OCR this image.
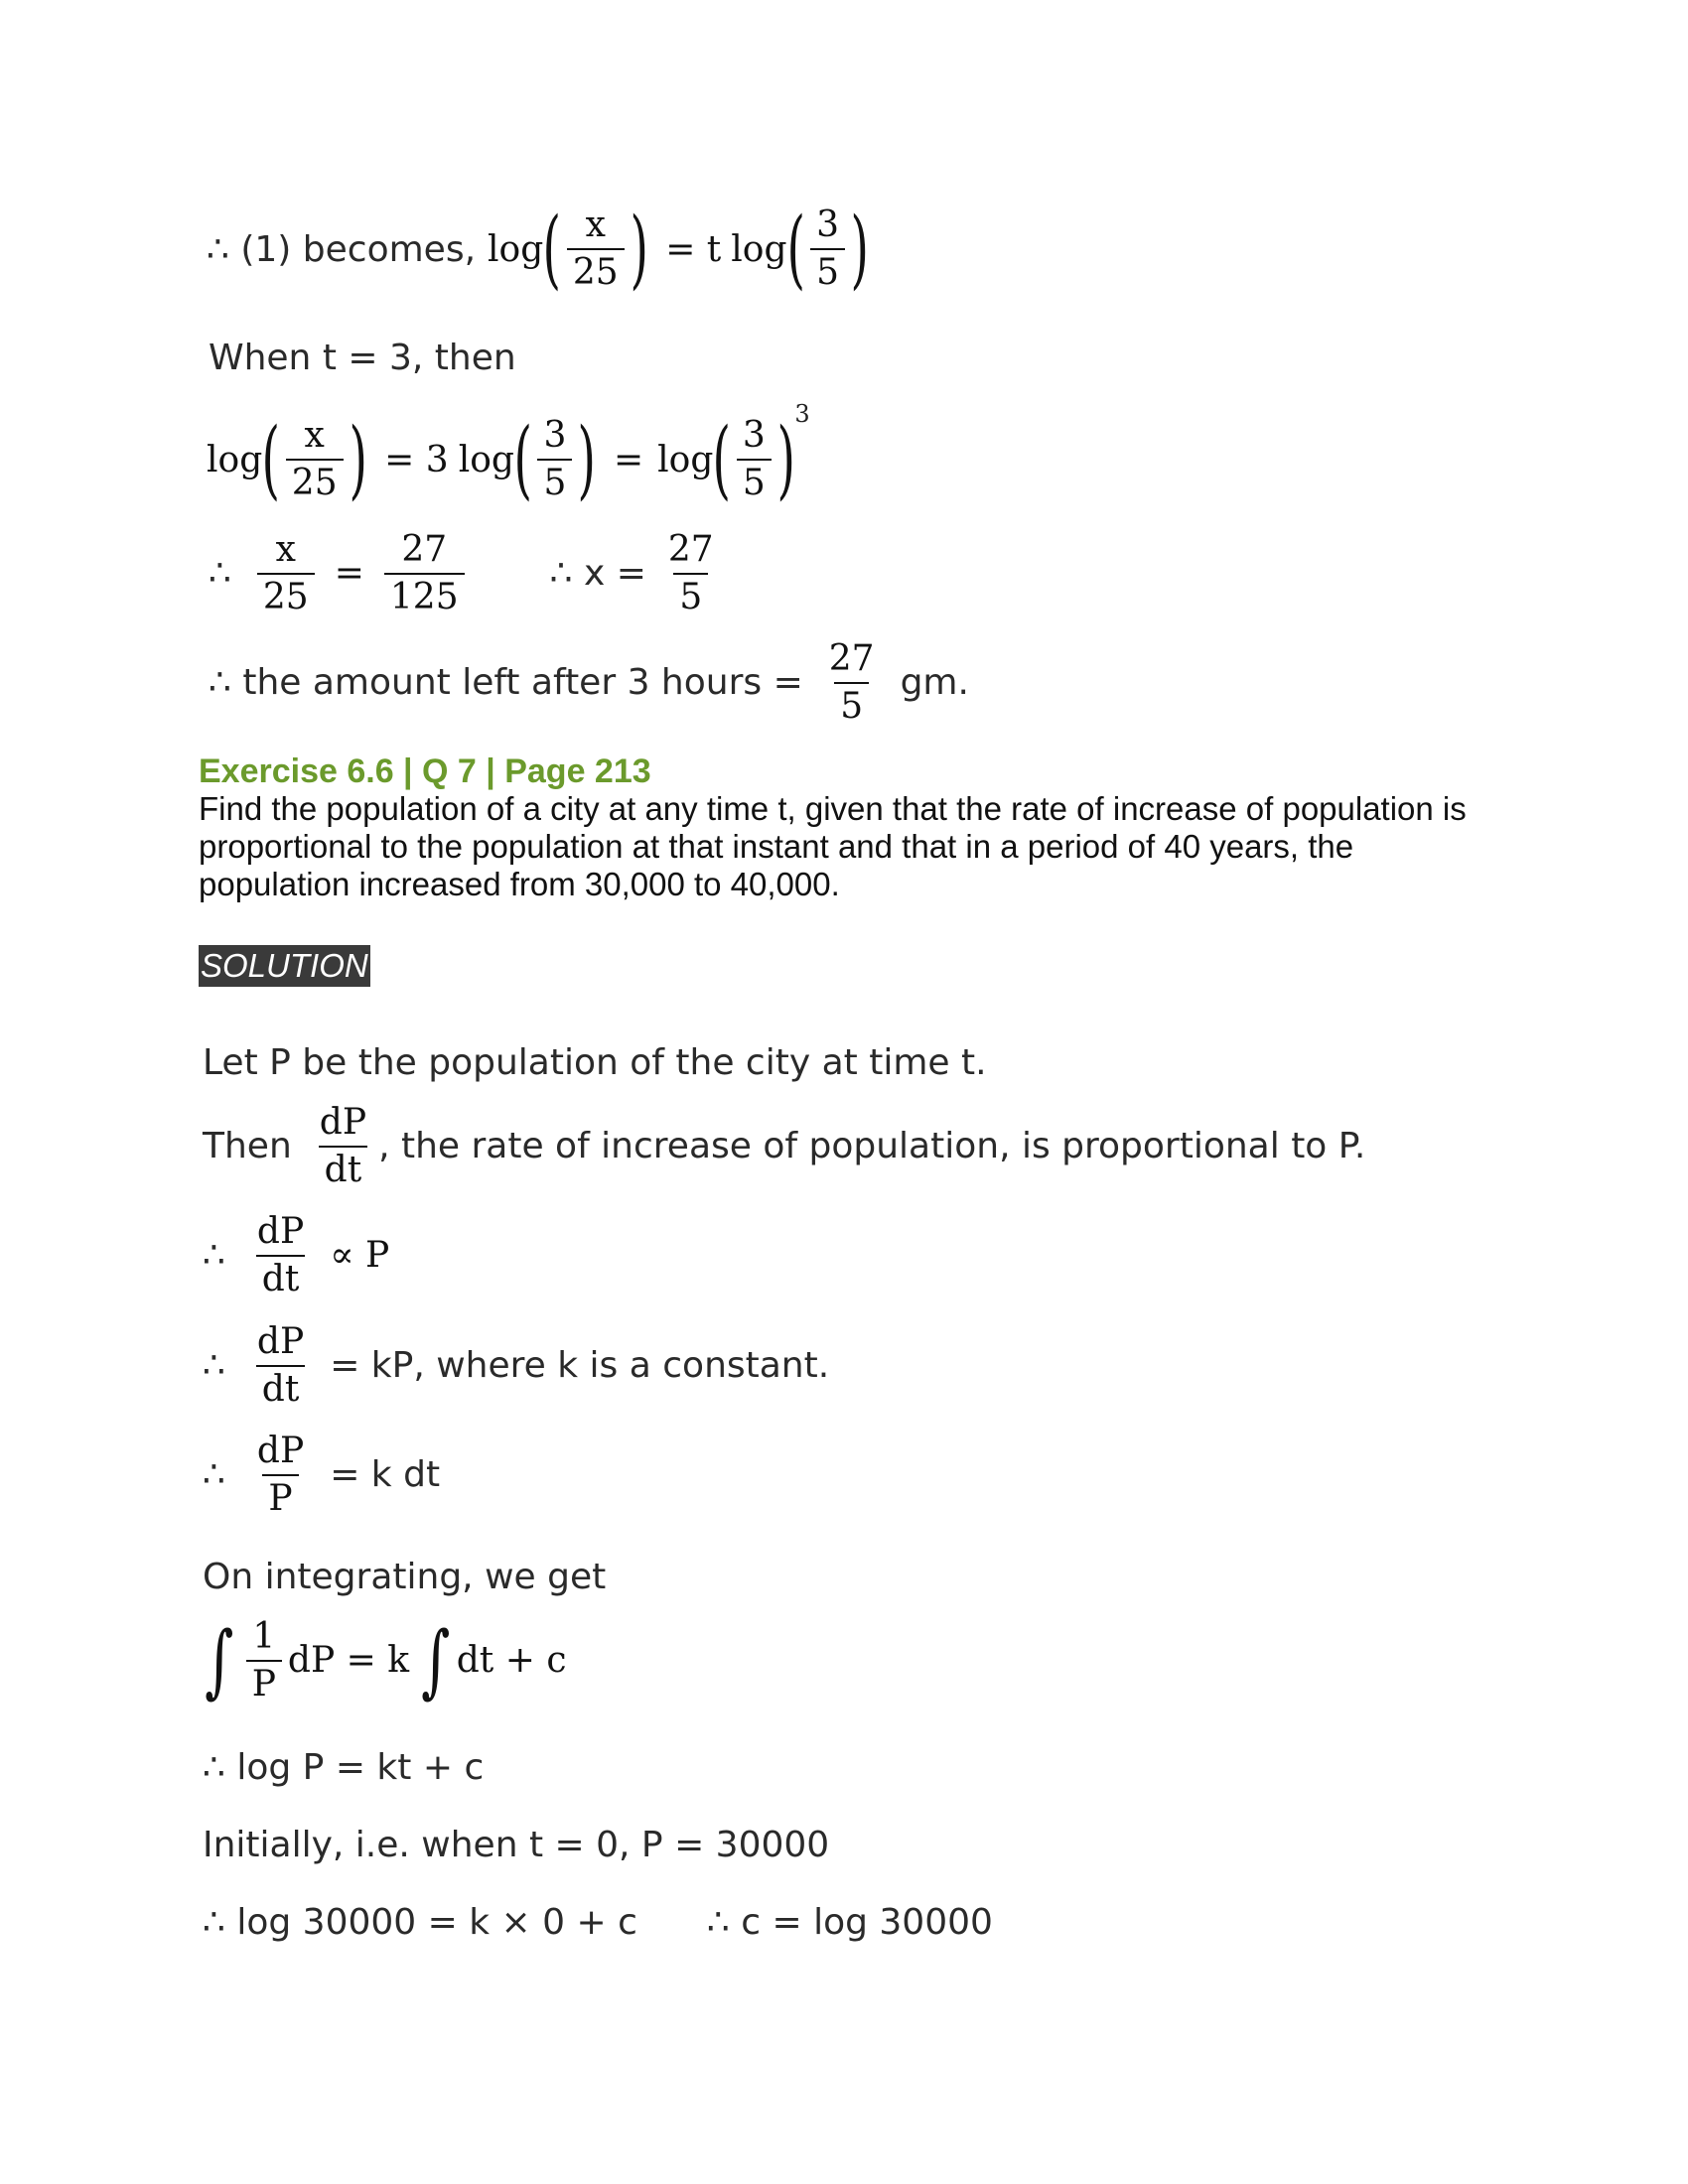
∴ (1) becomes, log ( $\frac{x}{25}$ ) = t log ( $\frac{3}{5}$ )
When t = 3, then
log ( $\frac{x}{25}$ ) = 3 log ( $\frac{3}{5}$ ) = log ( $\frac{3}{5}$ ) 3
∴ $\frac{x}{25} = \frac{27}{125}$ ∴ $x = \frac{27}{5}$
∴ the amount left after 3 hours = $\frac{27}{5}$ gm.
Exercise 6.6 | Q 7 | Page 213
Find the population of a city at any time t, given that the rate of increase of population is proportional to the population at that instant and that in a period of 40 years, the population increased from 30,000 to 40,000.
SOLUTION
Let P be the population of the city at time t.
Then $\frac{dP}{dt}$ , the rate of increase of population, is proportional to P.
∴ $\frac{dP}{dt} \propto P$
∴ $\frac{dP}{dt}$ = kP, where k is a constant.
∴ $\frac{dP}{P} = k$ dt
On integrating, we get
∫ $\frac{1}{P}$ dP = k ∫ dt + c
∴ log P = kt + c
Initially, i.e. when t = 0, P = 30000
∴ log 30000 = k × 0 + c ∴ c = log 30000
